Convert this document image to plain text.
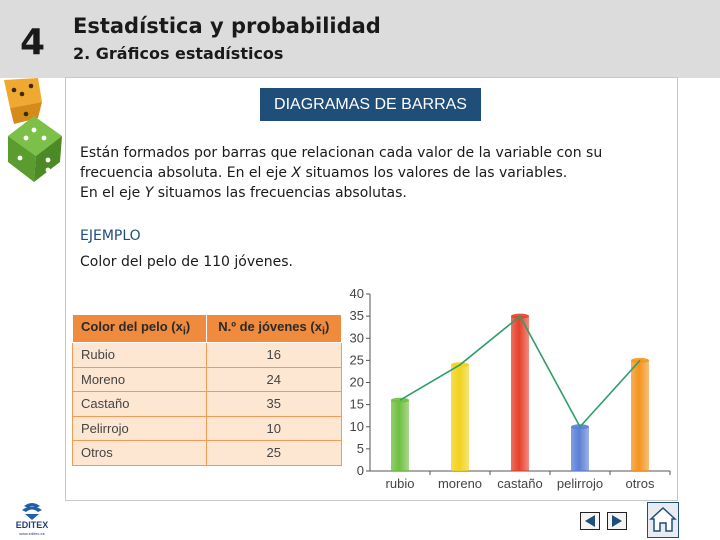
4 Estadística y probabilidad
2. Gráficos estadísticos
DIAGRAMAS DE BARRAS

Están formados por barras que relacionan cada valor de la variable con su

frecuencia absoluta. En el eje X situamos los valores de las variables.

En el eje Y situamos las frecuencias absolutas.

EJEMPLO
Color del pelo de 110 jóvenes.
Color del pelo $(x_i)$	N.º de jóvenes $(x_i)$
Rubio	16
Moreno	24
Castaño	35
Pelirrojo	10
Otros	25
0
5
10
15
20
25
30
35
40
rubio moreno castaño pelirrojo otros
EDITEX
www.editex.es
